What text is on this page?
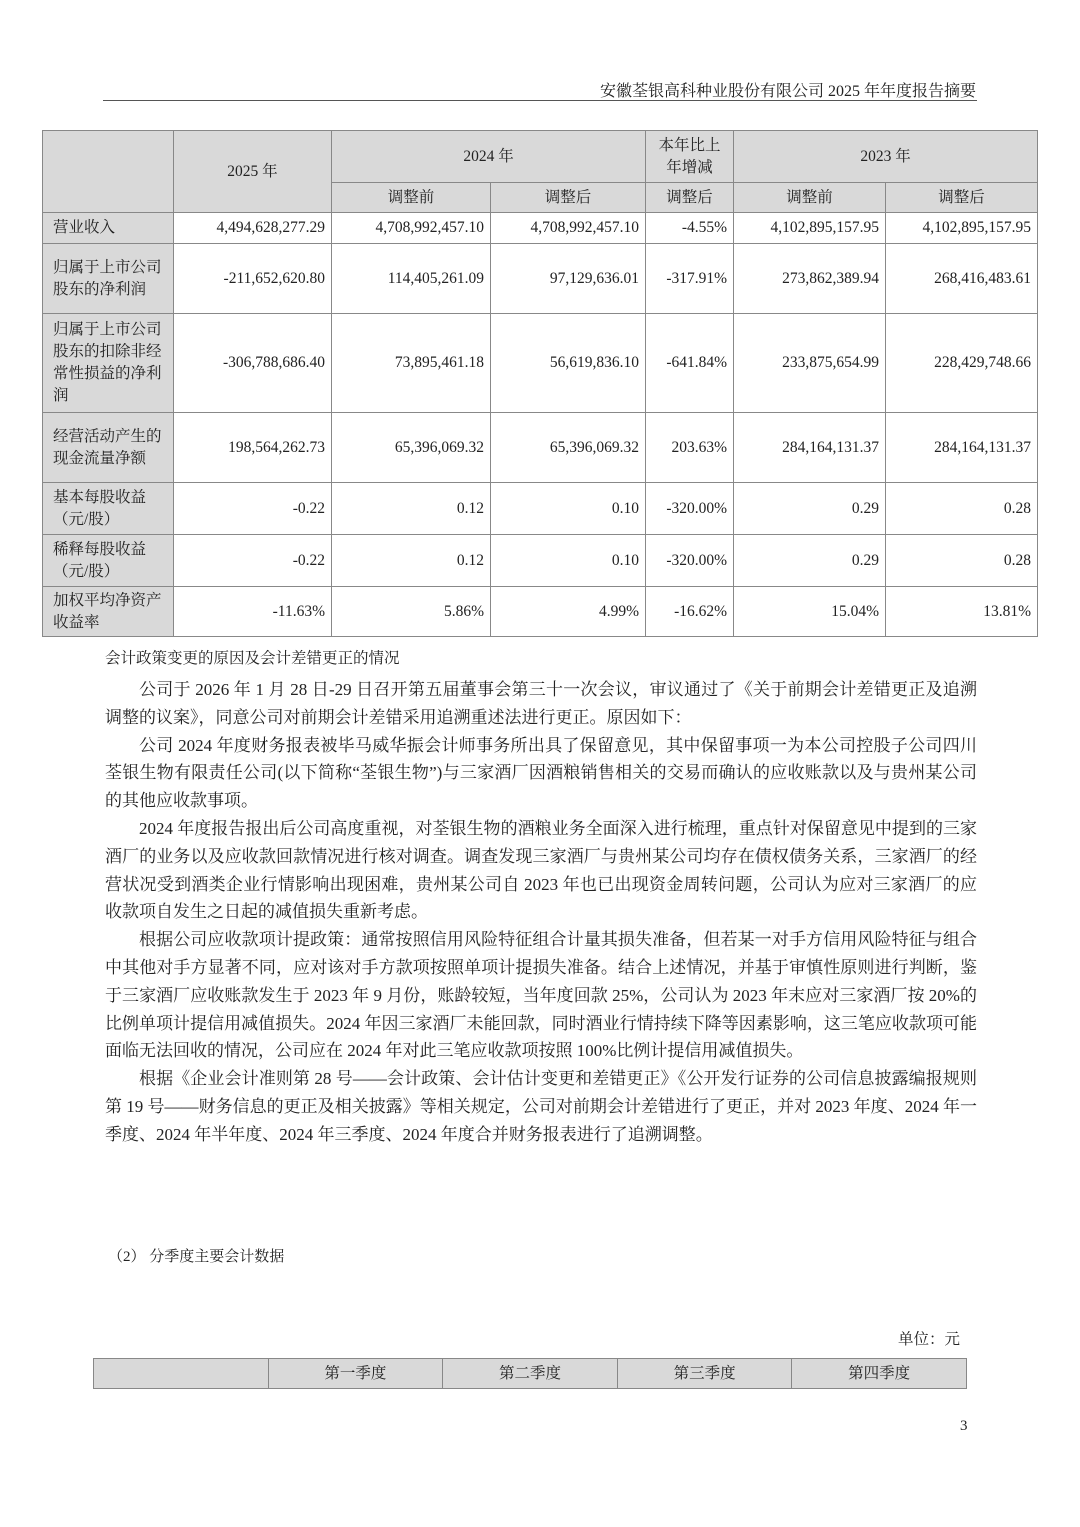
安徽荃银高科种业股份有限公司 2025 年年度报告摘要
	2025 年	2024 年		本年比上年增减	2023 年	
		调整前	调整后	调整后	调整前	调整后
营业收入	4,494,628,277.29	4,708,992,457.10	4,708,992,457.10	-4.55%	4,102,895,157.95	4,102,895,157.95
归属于上市公司股东的净利润	-211,652,620.80	114,405,261.09	97,129,636.01	-317.91%	273,862,389.94	268,416,483.61
归属于上市公司股东的扣除非经常性损益的净利润	-306,788,686.40	73,895,461.18	56,619,836.10	-641.84%	233,875,654.99	228,429,748.66
经营活动产生的现金流量净额	198,564,262.73	65,396,069.32	65,396,069.32	203.63%	284,164,131.37	284,164,131.37
基本每股收益（元/股）	-0.22	0.12	0.10	-320.00%	0.29	0.28
稀释每股收益（元/股）	-0.22	0.12	0.10	-320.00%	0.29	0.28
加权平均净资产收益率	-11.63%	5.86%	4.99%	-16.62%	15.04%	13.81%
会计政策变更的原因及会计差错更正的情况

公司于 2026 年 1 月 28 日-29 日召开第五届董事会第三十一次会议，审议通过了《关于前期会计差错更正及追溯调整的议案》，同意公司对前期会计差错采用追溯重述法进行更正。原因如下：

公司 2024 年度财务报表被毕马威华振会计师事务所出具了保留意见，其中保留事项一为本公司控股子公司四川荃银生物有限责任公司(以下简称“荃银生物”)与三家酒厂因酒粮销售相关的交易而确认的应收账款以及与贵州某公司的其他应收款事项。

2024 年度报告报出后公司高度重视，对荃银生物的酒粮业务全面深入进行梳理，重点针对保留意见中提到的三家酒厂的业务以及应收款回款情况进行核对调查。调查发现三家酒厂与贵州某公司均存在债权债务关系，三家酒厂的经营状况受到酒类企业行情影响出现困难，贵州某公司自 2023 年也已出现资金周转问题，公司认为应对三家酒厂的应收款项自发生之日起的减值损失重新考虑。

根据公司应收款项计提政策：通常按照信用风险特征组合计量其损失准备，但若某一对手方信用风险特征与组合中其他对手方显著不同，应对该对手方款项按照单项计提损失准备。结合上述情况，并基于审慎性原则进行判断，鉴于三家酒厂应收账款发生于 2023 年 9 月份，账龄较短，当年度回款 25%，公司认为 2023 年末应对三家酒厂按 20%的比例单项计提信用减值损失。2024 年因三家酒厂未能回款，同时酒业行情持续下降等因素影响，这三笔应收款项可能面临无法回收的情况，公司应在 2024 年对此三笔应收款项按照 100%比例计提信用减值损失。

根据《企业会计准则第 28 号——会计政策、会计估计变更和差错更正》《公开发行证券的公司信息披露编报规则第 19 号——财务信息的更正及相关披露》等相关规定，公司对前期会计差错进行了更正，并对 2023 年度、2024 年一季度、2024 年半年度、2024 年三季度、2024 年度合并财务报表进行了追溯调整。

（2） 分季度主要会计数据
单位：元
	第一季度	第二季度	第三季度	第四季度
3
